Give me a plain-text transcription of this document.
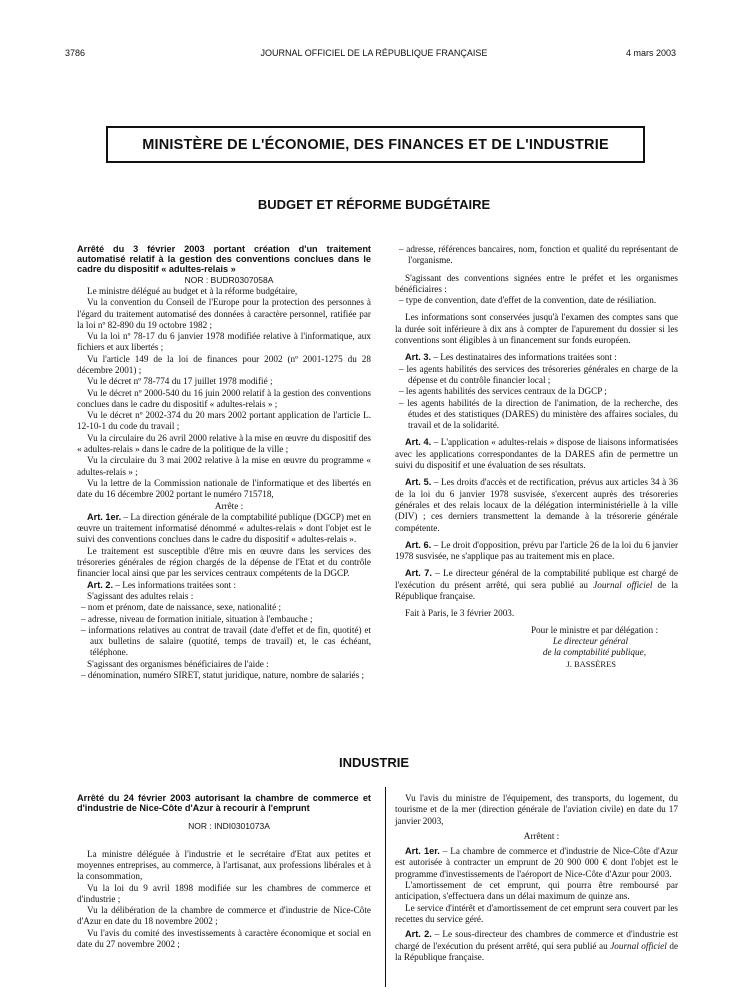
3786	JOURNAL OFFICIEL DE LA RÉPUBLIQUE FRANÇAISE	4 mars 2003
MINISTÈRE DE L'ÉCONOMIE, DES FINANCES ET DE L'INDUSTRIE
BUDGET ET RÉFORME BUDGÉTAIRE

Arrêté du 3 février 2003 portant création d'un traitement automatisé relatif à la gestion des conventions conclues dans le cadre du dispositif « adultes-relais »

NOR : BUDR0307058A

Le ministre délégué au budget et à la réforme budgétaire,

Vu la convention du Conseil de l'Europe pour la protection des personnes à l'égard du traitement automatisé des données à caractère personnel, ratifiée par la loi nº 82-890 du 19 octobre 1982 ;

Vu la loi nº 78-17 du 6 janvier 1978 modifiée relative à l'informatique, aux fichiers et aux libertés ;

Vu l'article 149 de la loi de finances pour 2002 (nº 2001-1275 du 28 décembre 2001) ;

Vu le décret nº 78-774 du 17 juillet 1978 modifié ;

Vu le décret nº 2000-540 du 16 juin 2000 relatif à la gestion des conventions conclues dans le cadre du dispositif « adultes-relais » ;

Vu le décret nº 2002-374 du 20 mars 2002 portant application de l'article L. 12-10-1 du code du travail ;

Vu la circulaire du 26 avril 2000 relative à la mise en œuvre du dispositif des « adultes-relais » dans le cadre de la politique de la ville ;

Vu la circulaire du 3 mai 2002 relative à la mise en œuvre du programme « adultes-relais » ;

Vu la lettre de la Commission nationale de l'informatique et des libertés en date du 16 décembre 2002 portant le numéro 715718,

Arrête :

Art. 1er. – La direction générale de la comptabilité publique (DGCP) met en œuvre un traitement informatisé dénommé « adultes-relais » dont l'objet est le suivi des conventions conclues dans le cadre du dispositif « adultes-relais ».

Le traitement est susceptible d'être mis en œuvre dans les services des trésoreries générales de région chargés de la dépense de l'Etat et du contrôle financier local ainsi que par les services centraux compétents de la DGCP.

Art. 2. – Les informations traitées sont :

S'agissant des adultes relais :

– nom et prénom, date de naissance, sexe, nationalité ;

– adresse, niveau de formation initiale, situation à l'embauche ;

– informations relatives au contrat de travail (date d'effet et de fin, quotité) et aux bulletins de salaire (quotité, temps de travail) et, le cas échéant, téléphone.

S'agissant des organismes bénéficiaires de l'aide :

– dénomination, numéro SIRET, statut juridique, nature, nombre de salariés ;

– adresse, références bancaires, nom, fonction et qualité du représentant de l'organisme.

S'agissant des conventions signées entre le préfet et les organismes bénéficiaires :

– type de convention, date d'effet de la convention, date de résiliation.

Les informations sont conservées jusqu'à l'examen des comptes sans que la durée soit inférieure à dix ans à compter de l'apurement du dossier si les conventions sont éligibles à un financement sur fonds européen.

Art. 3. – Les destinataires des informations traitées sont :

– les agents habilités des services des trésoreries générales en charge de la dépense et du contrôle financier local ;

– les agents habilités des services centraux de la DGCP ;

– les agents habilités de la direction de l'animation, de la recherche, des études et des statistiques (DARES) du ministère des affaires sociales, du travail et de la solidarité.

Art. 4. – L'application « adultes-relais » dispose de liaisons informatisées avec les applications correspondantes de la DARES afin de permettre un suivi du dispositif et une évaluation de ses résultats.

Art. 5. – Les droits d'accès et de rectification, prévus aux articles 34 à 36 de la loi du 6 janvier 1978 susvisée, s'exercent auprès des trésoreries générales et des relais locaux de la délégation interministérielle à la ville (DIV) ; ces derniers transmettent la demande à la trésorerie générale compétente.

Art. 6. – Le droit d'opposition, prévu par l'article 26 de la loi du 6 janvier 1978 susvisée, ne s'applique pas au traitement mis en place.

Art. 7. – Le directeur général de la comptabilité publique est chargé de l'exécution du présent arrêté, qui sera publié au Journal officiel de la République française.

Fait à Paris, le 3 février 2003.

Pour le ministre et par délégation :
Le directeur général
de la comptabilité publique,
J. BASSÈRES
INDUSTRIE

Arrêté du 24 février 2003 autorisant la chambre de commerce et d'industrie de Nice-Côte d'Azur à recourir à l'emprunt

NOR : INDI0301073A

La ministre déléguée à l'industrie et le secrétaire d'Etat aux petites et moyennes entreprises, au commerce, à l'artisanat, aux professions libérales et à la consommation,

Vu la loi du 9 avril 1898 modifiée sur les chambres de commerce et d'industrie ;

Vu la délibération de la chambre de commerce et d'industrie de Nice-Côte d'Azur en date du 18 novembre 2002 ;

Vu l'avis du comité des investissements à caractère économique et social en date du 27 novembre 2002 ;

Vu l'avis du ministre de l'équipement, des transports, du logement, du tourisme et de la mer (direction générale de l'aviation civile) en date du 17 janvier 2003,

Arrêtent :

Art. 1er. – La chambre de commerce et d'industrie de Nice-Côte d'Azur est autorisée à contracter un emprunt de 20 900 000 € dont l'objet est le programme d'investissements de l'aéroport de Nice-Côte d'Azur pour 2003.

L'amortissement de cet emprunt, qui pourra être remboursé par anticipation, s'effectuera dans un délai maximum de quinze ans.

Le service d'intérêt et d'amortissement de cet emprunt sera couvert par les recettes du service géré.

Art. 2. – Le sous-directeur des chambres de commerce et d'industrie est chargé de l'exécution du présent arrêté, qui sera publié au Journal officiel de la République française.
